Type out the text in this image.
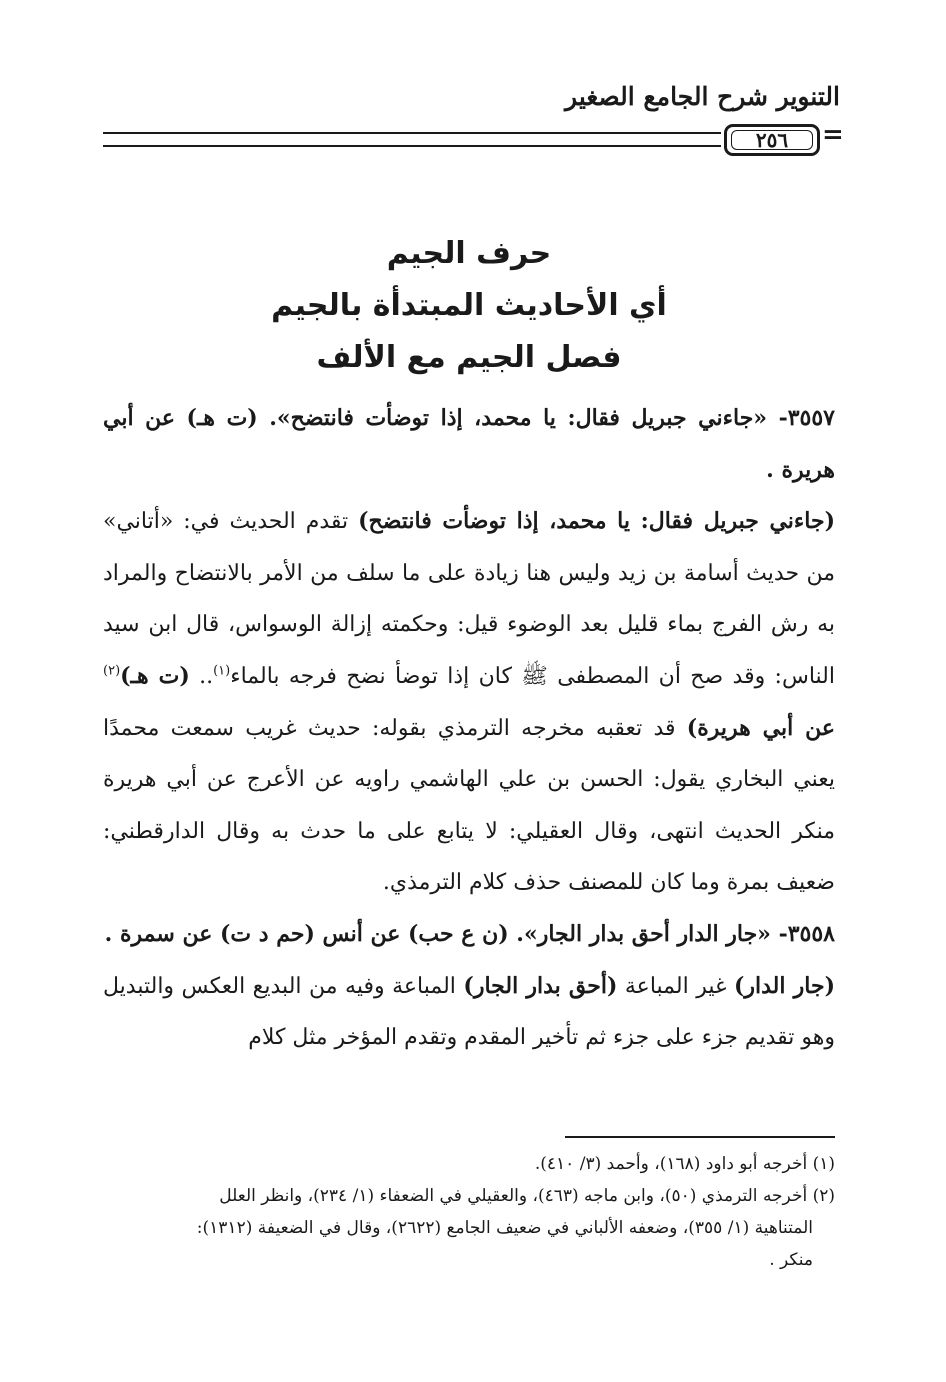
التنوير شرح الجامع الصغير
٢٥٦ =
حرف الجيم
أي الأحاديث المبتدأة بالجيم
فصل الجيم مع الألف

٣٥٥٧- «جاءني جبريل فقال: يا محمد، إذا توضأت فانتضح». (ت هـ) عن أبي هريرة .

(جاءني جبريل فقال: يا محمد، إذا توضأت فانتضح) تقدم الحديث في: «أتاني» من حديث أسامة بن زيد وليس هنا زيادة على ما سلف من الأمر بالانتضاح والمراد به رش الفرج بماء قليل بعد الوضوء قيل: وحكمته إزالة الوسواس، قال ابن سيد الناس: وقد صح أن المصطفى ﷺ كان إذا توضأ نضح فرجه بالماء$^{(١)}$.. (ت هـ)$^{(٢)}$ عن أبي هريرة) قد تعقبه مخرجه الترمذي بقوله: حديث غريب سمعت محمدًا يعني البخاري يقول: الحسن بن علي الهاشمي راويه عن الأعرج عن أبي هريرة منكر الحديث انتهى، وقال العقيلي: لا يتابع على ما حدث به وقال الدارقطني: ضعيف بمرة وما كان للمصنف حذف كلام الترمذي.

٣٥٥٨- «جار الدار أحق بدار الجار». (ن ع حب) عن أنس (حم د ت) عن سمرة .

(جار الدار) غير المباعة (أحق بدار الجار) المباعة وفيه من البديع العكس والتبديل وهو تقديم جزء على جزء ثم تأخير المقدم وتقدم المؤخر مثل كلام

(١) أخرجه أبو داود (١٦٨)، وأحمد (٣/ ٤١٠).

(٢) أخرجه الترمذي (٥٠)، وابن ماجه (٤٦٣)، والعقيلي في الضعفاء (١/ ٢٣٤)، وانظر العلل

المتناهية (١/ ٣٥٥)، وضعفه الألباني في ضعيف الجامع (٢٦٢٢)، وقال في الضعيفة (١٣١٢):

منكر .
